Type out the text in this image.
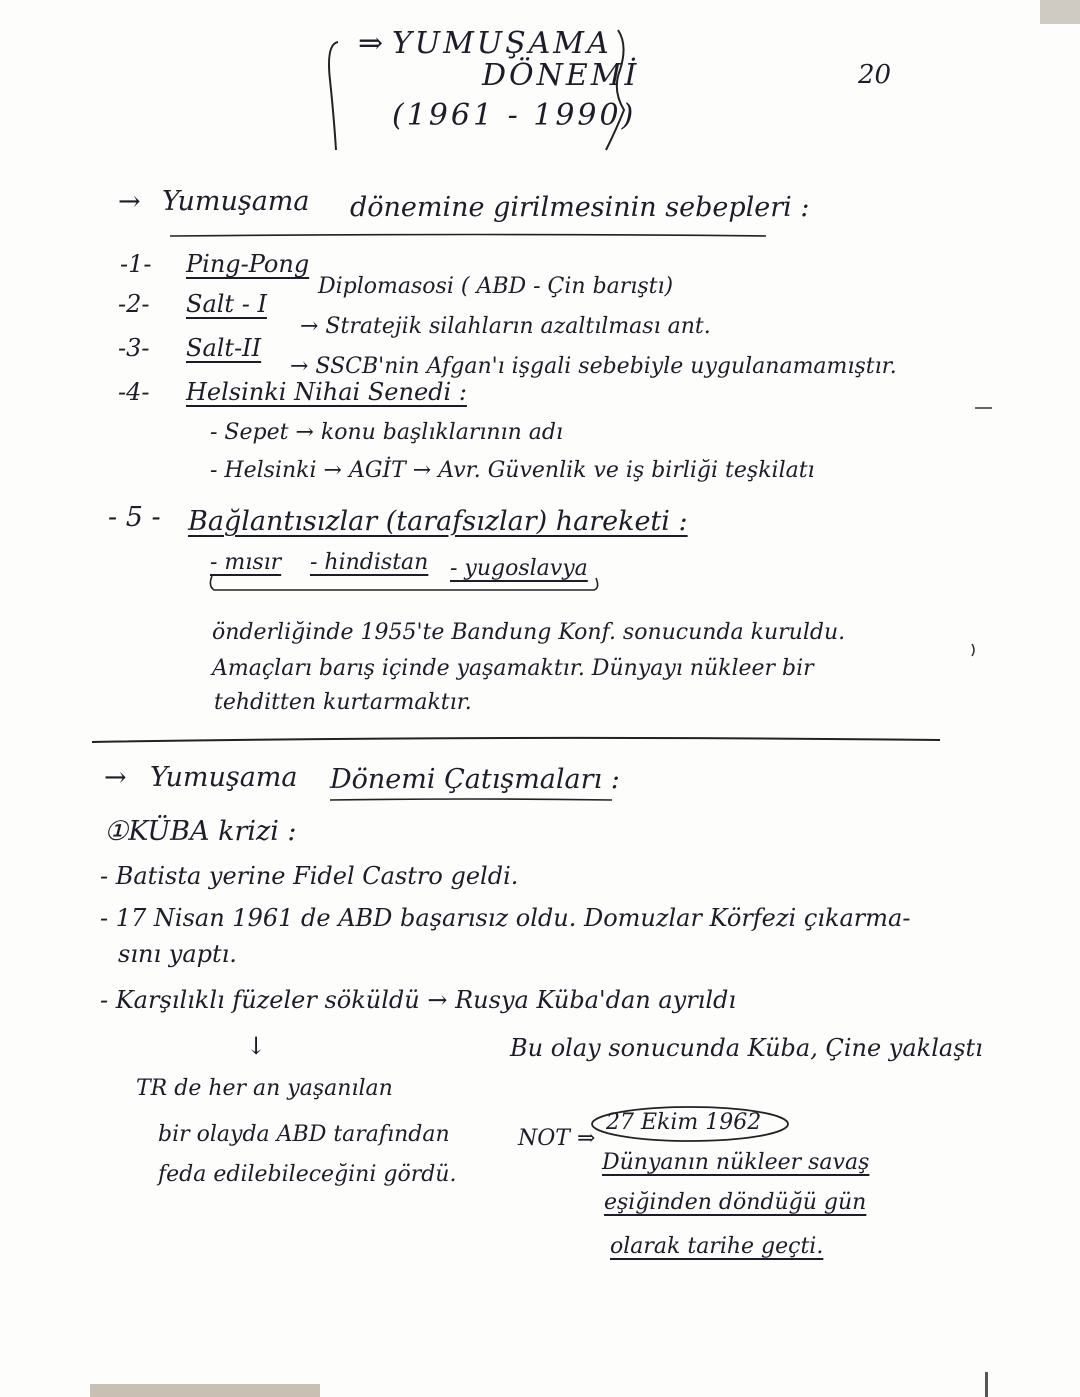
20
⇒ YUMUŞAMA
DÖNEMİ
(1961 - 1990)
→ Yumuşama dönemine girilmesinin sebepleri :
-1- Ping-Pong
Diplomasosi ( ABD - Çin barıştı)
-2- Salt - I
→ Stratejik silahların azaltılması ant.
-3- Salt-II
→ SSCB'nin Afgan'ı işgali sebebiyle uygulanamamıştır.
-4- Helsinki Nihai Senedi :
- Sepet → konu başlıklarının adı
- Helsinki → AGİT → Avr. Güvenlik ve iş birliği teşkilatı
- 5 - Bağlantısızlar (tarafsızlar) hareketi :
- mısır - hindistan - yugoslavya
önderliğinde 1955'te Bandung Konf. sonucunda kuruldu.
Amaçları barış içinde yaşamaktır. Dünyayı nükleer bir
tehditten kurtarmaktır.
→ Yumuşama Dönemi Çatışmaları :
①KÜBA krizi :
- Batista yerine Fidel Castro geldi.
- 17 Nisan 1961 de ABD başarısız oldu. Domuzlar Körfezi çıkarma-
sını yaptı.
- Karşılıklı füzeler söküldü → Rusya Küba'dan ayrıldı
Bu olay sonucunda Küba, Çine yaklaştı
↓
TR de her an yaşanılan
bir olayda ABD tarafından
feda edilebileceğini gördü.
NOT ⇒
27 Ekim 1962
Dünyanın nükleer savaş
eşiğinden döndüğü gün
olarak tarihe geçti.
